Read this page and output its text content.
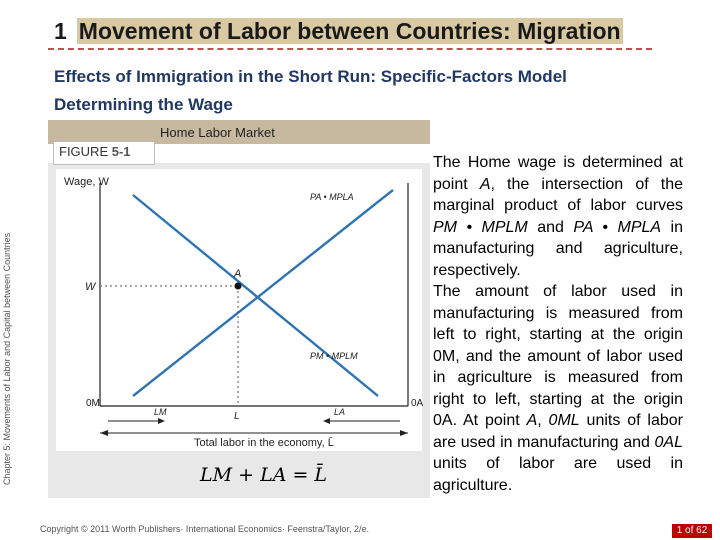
1 Movement of Labor between Countries: Migration
Effects of Immigration in the Short Run: Specific-Factors Model
Determining the Wage
Chapter 5: Movements of Labor and Capital between Countries
Home Labor Market
FIGURE 5-1
Wage, W
W
A
PA • MPLA
PM • MPLM
0M	0A
L
LM	LA
Total labor in the economy, L̄
LM + LA = L̄

The Home wage is determined at point A, the intersection of the marginal product of labor curves PM • MPLM and PA • MPLA in manufacturing and agriculture, respectively.

The amount of labor used in manufacturing is measured from left to right, starting at the origin 0M, and the amount of labor used in agriculture is measured from right to left, starting at the origin 0A. At point A, 0ML units of labor are used in manufacturing and 0AL units of labor are used in agriculture.

Copyright © 2011 Worth Publishers· International Economics· Feenstra/Taylor, 2/e.	1 of 62
